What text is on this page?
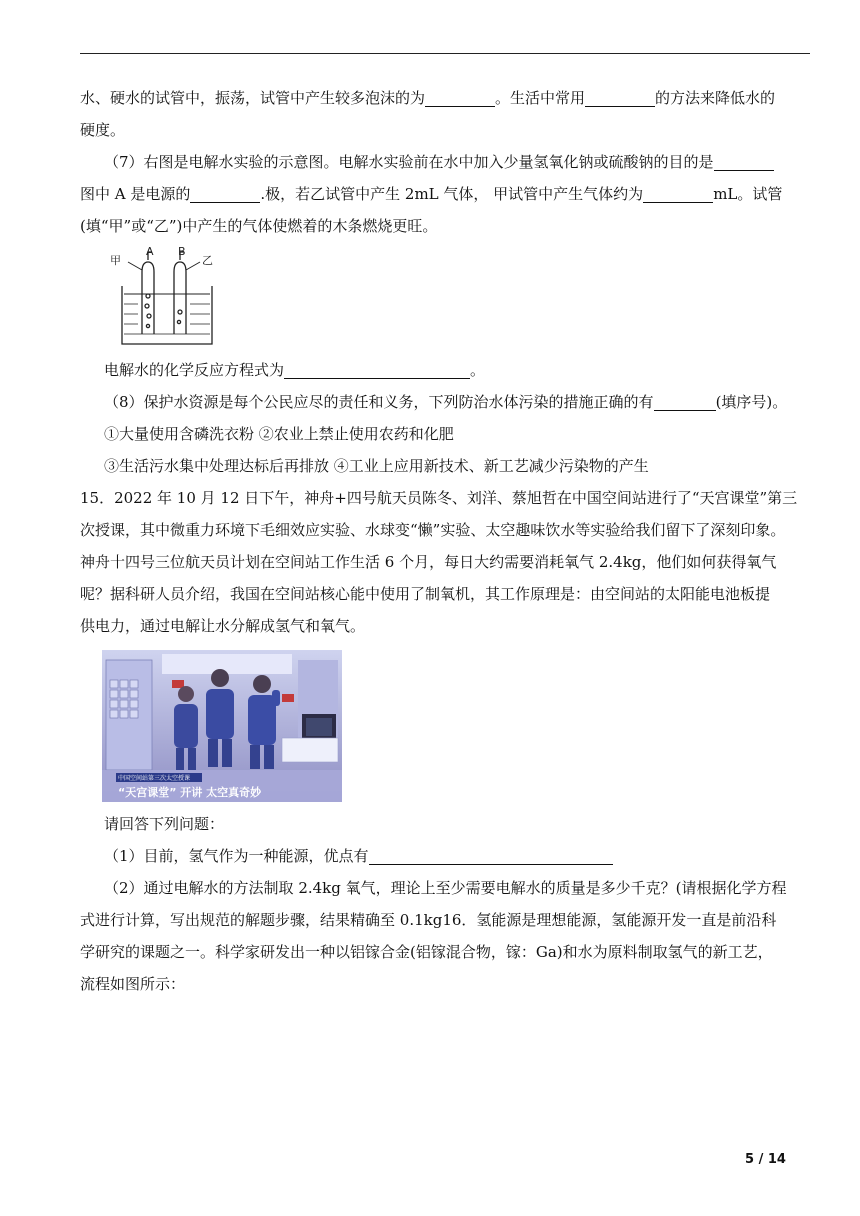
水、硬水的试管中，振荡，试管中产生较多泡沫的为	。生活中常用	的方法来降低水的
硬度。
（7）右图是电解水实验的示意图。电解水实验前在水中加入少量氢氧化钠或硫酸钠的目的是
图中 A 是电源的	.极，若乙试管中产生 2mL 气体， 甲试管中产生气体约为	mL。试管
(填“甲”或“乙”)中产生的气体使燃着的木条燃烧更旺。
A B
甲	乙
电解水的化学反应方程式为	。
（8）保护水资源是每个公民应尽的责任和义务，下列防治水体污染的措施正确的有	(填序号)。
①大量使用含磷洗衣粉 ②农业上禁止使用农药和化肥
③生活污水集中处理达标后再排放 ④工业上应用新技术、新工艺减少污染物的产生
15．2022 年 10 月 12 日下午，神舟+四号航天员陈冬、刘洋、蔡旭哲在中国空间站进行了“天宫课堂”第三
次授课，其中微重力环境下毛细效应实验、水球变“懒”实验、太空趣味饮水等实验给我们留下了深刻印象。
神舟十四号三位航天员计划在空间站工作生活 6 个月，每日大约需要消耗氧气 2.4kg，他们如何获得氧气
呢？据科研人员介绍，我国在空间站核心能中使用了制氧机，其工作原理是：由空间站的太阳能电池板提
供电力，通过电解让水分解成氢气和氧气。
中国空间站第三次太空授课
“天宫课堂” 开讲 太空真奇妙
请回答下列问题：
（1）目前，氢气作为一种能源，优点有
（2）通过电解水的方法制取 2.4kg 氧气，理论上至少需要电解水的质量是多少千克？(请根据化学方程
式进行计算，写出规范的解题步骤，结果精确至 0.1kg16．氢能源是理想能源，氢能源开发一直是前沿科
学研究的课题之一。科学家研发出一种以铝镓合金(铝镓混合物，镓：Ga)和水为原料制取氢气的新工艺，
流程如图所示：
5 / 14
